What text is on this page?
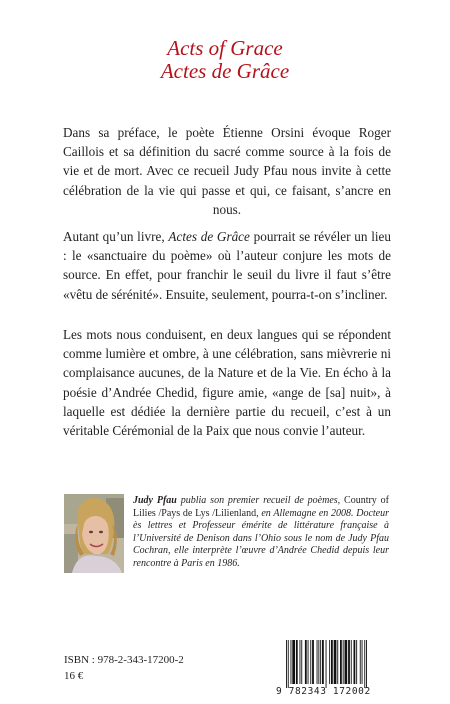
Acts of Grace
Actes de Grâce

Dans sa préface, le poète Étienne Orsini évoque Roger Caillois et sa définition du sacré comme source à la fois de vie et de mort. Avec ce recueil Judy Pfau nous invite à cette célébration de la vie qui passe et qui, ce faisant, s’ancre en nous.

Autant qu’un livre, Actes de Grâce pourrait se révéler un lieu : le «sanctuaire du poème» où l’auteur conjure les mots de source. En effet, pour franchir le seuil du livre il faut s’être «vêtu de sérénité». Ensuite, seulement, pourra-t-on s’incliner.

Les mots nous conduisent, en deux langues qui se répondent comme lumière et ombre, à une célébration, sans mièvrerie ni complaisance aucunes, de la Nature et de la Vie. En écho à la poésie d’Andrée Chedid, figure amie, «ange de [sa] nuit», à laquelle est dédiée la dernière partie du recueil, c’est à un véritable Cérémonial de la Paix que nous convie l’auteur.

Judy Pfau publia son premier recueil de poèmes, Country of Lilies /Pays de Lys /Lilienland, en Allemagne en 2008. Docteur ès lettres et Professeur émérite de littérature française à l’Université de Denison dans l’Ohio sous le nom de Judy Pfau Cochran, elle interprète l’œuvre d’Andrée Chedid depuis leur rencontre à Paris en 1986.

ISBN : 978-2-343-17200-2
16 €
9 782343 172002
